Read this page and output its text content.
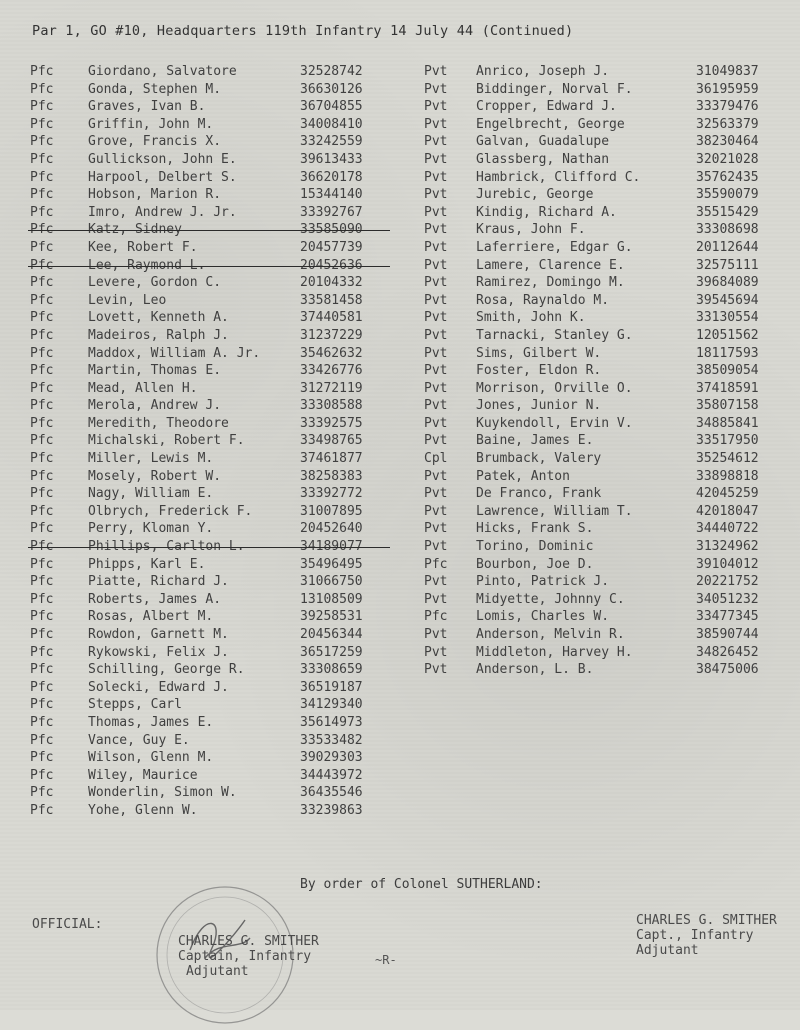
Par 1, GO #10, Headquarters 119th Infantry 14 July 44 (Continued)
Pfc	Giordano, Salvatore	32528742
Pfc	Gonda, Stephen M.	36630126
Pfc	Graves, Ivan B.	36704855
Pfc	Griffin, John M.	34008410
Pfc	Grove, Francis X.	33242559
Pfc	Gullickson, John E.	39613433
Pfc	Harpool, Delbert S.	36620178
Pfc	Hobson, Marion R.	15344140
Pfc	Imro, Andrew J. Jr.	33392767
Pfc	Katz, Sidney	33585090
Pfc	Kee, Robert F.	20457739
Pfc	Lee, Raymond L.	20452636
Pfc	Levere, Gordon C.	20104332
Pfc	Levin, Leo	33581458
Pfc	Lovett, Kenneth A.	37440581
Pfc	Madeiros, Ralph J.	31237229
Pfc	Maddox, William A. Jr.	35462632
Pfc	Martin, Thomas E.	33426776
Pfc	Mead, Allen H.	31272119
Pfc	Merola, Andrew J.	33308588
Pfc	Meredith, Theodore	33392575
Pfc	Michalski, Robert F.	33498765
Pfc	Miller, Lewis M.	37461877
Pfc	Mosely, Robert W.	38258383
Pfc	Nagy, William E.	33392772
Pfc	Olbrych, Frederick F.	31007895
Pfc	Perry, Kloman Y.	20452640
Pfc	Phillips, Carlton L.	34189077
Pfc	Phipps, Karl E.	35496495
Pfc	Piatte, Richard J.	31066750
Pfc	Roberts, James A.	13108509
Pfc	Rosas, Albert M.	39258531
Pfc	Rowdon, Garnett M.	20456344
Pfc	Rykowski, Felix J.	36517259
Pfc	Schilling, George R.	33308659
Pfc	Solecki, Edward J.	36519187
Pfc	Stepps, Carl	34129340
Pfc	Thomas, James E.	35614973
Pfc	Vance, Guy E.	33533482
Pfc	Wilson, Glenn M.	39029303
Pfc	Wiley, Maurice	34443972
Pfc	Wonderlin, Simon W.	36435546
Pfc	Yohe, Glenn W.	33239863
Pvt Anrico, Joseph J.	31049837
Pvt Biddinger, Norval F.	36195959
Pvt Cropper, Edward J.	33379476
Pvt Engelbrecht, George	32563379
Pvt Galvan, Guadalupe	38230464
Pvt Glassberg, Nathan	32021028
Pvt Hambrick, Clifford C.	35762435
Pvt Jurebic, George	35590079
Pvt Kindig, Richard A.	35515429
Pvt Kraus, John F.	33308698
Pvt Laferriere, Edgar G.	20112644
Pvt Lamere, Clarence E.	32575111
Pvt Ramirez, Domingo M.	39684089
Pvt Rosa, Raynaldo M.	39545694
Pvt Smith, John K.	33130554
Pvt Tarnacki, Stanley G.	12051562
Pvt Sims, Gilbert W.	18117593
Pvt Foster, Eldon R.	38509054
Pvt Morrison, Orville O.	37418591
Pvt Jones, Junior N.	35807158
Pvt Kuykendoll, Ervin V.	34885841
Pvt Baine, James E.	33517950
Cpl Brumback, Valery	35254612
Pvt Patek, Anton	33898818
Pvt De Franco, Frank	42045259
Pvt Lawrence, William T.	42018047
Pvt Hicks, Frank S.	34440722
Pvt Torino, Dominic	31324962
Pfc Bourbon, Joe D.	39104012
Pvt Pinto, Patrick J.	20221752
Pvt Midyette, Johnny C.	34051232
Pfc Lomis, Charles W.	33477345
Pvt Anderson, Melvin R.	38590744
Pvt Middleton, Harvey H.	34826452
Pvt Anderson, L. B.	38475006
By order of Colonel SUTHERLAND:
OFFICIAL:
CHARLES G. SMITHER
Captain, Infantry
Adjutant
~R-
CHARLES G. SMITHER
Capt., Infantry
Adjutant
